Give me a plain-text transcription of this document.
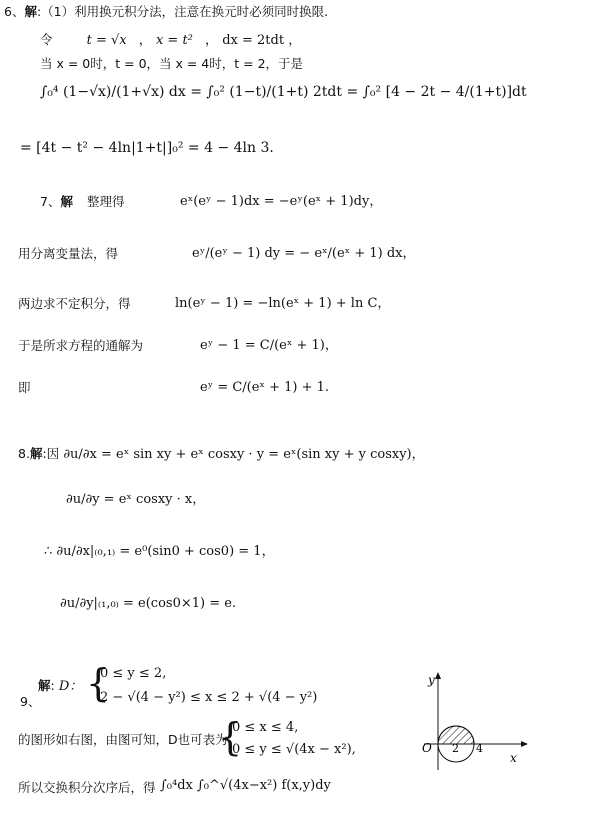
6、解:（1）利用换元积分法，注意在换元时必须同时换限.
令	t = √x ， x = t² ， dx = 2tdt ，
当 x = 0时，t = 0，当 x = 4时，t = 2，于是
∫₀⁴ (1−√x)/(1+√x) dx = ∫₀² (1−t)/(1+t) 2tdt = ∫₀² [4 − 2t − 4/(1+t)]dt
= [4t − t² − 4ln|1+t|]₀² = 4 − 4ln 3.
7、解 整理得	eˣ(eʸ − 1)dx = −eʸ(eˣ + 1)dy，
用分离变量法，得	eʸ/(eʸ − 1) dy = − eˣ/(eˣ + 1) dx，
两边求不定积分，得	ln(eʸ − 1) = −ln(eˣ + 1) + ln C，
于是所求方程的通解为	eʸ − 1 = C/(eˣ + 1)，
即	eʸ = C/(eˣ + 1) + 1.
8.解:因 ∂u/∂x = eˣ sin xy + eˣ cosxy · y = eˣ(sin xy + y cosxy)，
∂u/∂y = eˣ cosxy · x，
∴ ∂u/∂x|₍₀,₁₎ = e⁰(sin0 + cos0) = 1，
∂u/∂y|₍₁,₀₎ = e(cos0×1) = e.
9、
解: D： {
0 ≤ y ≤ 2,
2 − √(4 − y²) ≤ x ≤ 2 + √(4 − y²)
的图形如右图，由图可知，D也可表为
{
0 ≤ x ≤ 4,
0 ≤ y ≤ √(4x − x²),
所以交换积分次序后，得 ∫₀⁴dx ∫₀^√(4x−x²) f(x,y)dy
y
x
O 2 4
